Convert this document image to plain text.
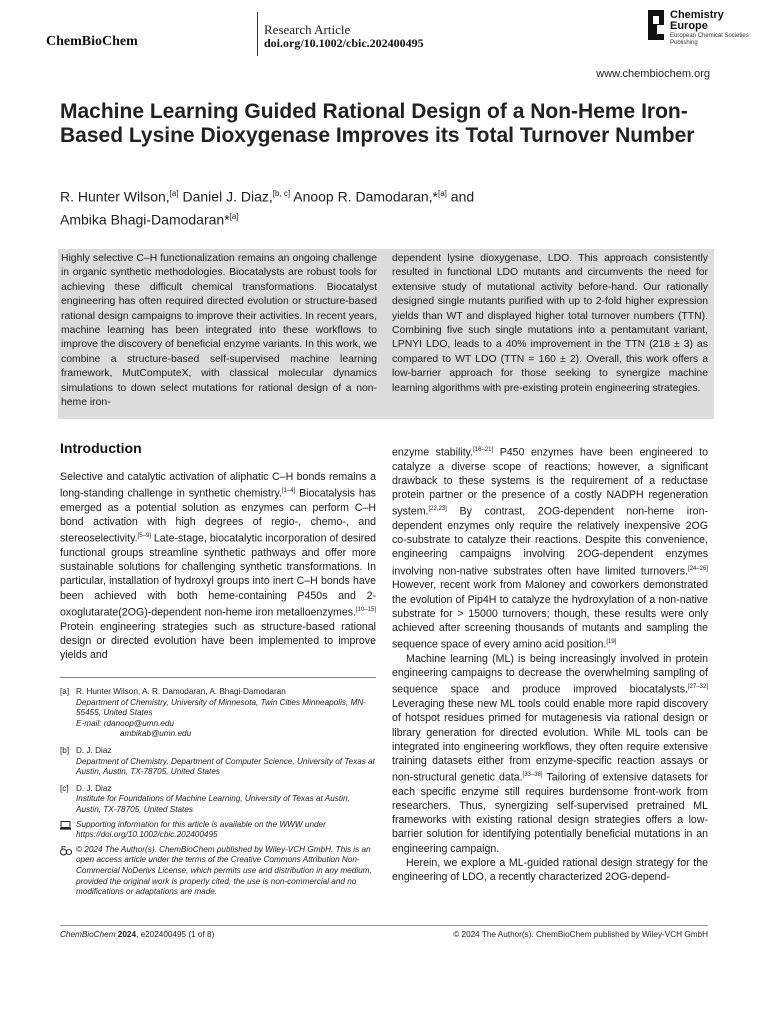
ChemBioChem
Research Article
doi.org/10.1002/cbic.202400495
Chemistry
Europe
European Chemical Societies Publishing
www.chembiochem.org
Machine Learning Guided Rational Design of a Non-Heme Iron-Based Lysine Dioxygenase Improves its Total Turnover Number
R. Hunter Wilson,[a] Daniel J. Diaz,[b, c] Anoop R. Damodaran,*[a] and
Ambika Bhagi-Damodaran*[a]
Highly selective C–H functionalization remains an ongoing challenge in organic synthetic methodologies. Biocatalysts are robust tools for achieving these difficult chemical transformations. Biocatalyst engineering has often required directed evolution or structure-based rational design campaigns to improve their activities. In recent years, machine learning has been integrated into these workflows to improve the discovery of beneficial enzyme variants. In this work, we combine a structure-based self-supervised machine learning framework, MutComputeX, with classical molecular dynamics simulations to down select mutations for rational design of a non-heme iron-
dependent lysine dioxygenase, LDO. This approach consistently resulted in functional LDO mutants and circumvents the need for extensive study of mutational activity before-hand. Our rationally designed single mutants purified with up to 2-fold higher expression yields than WT and displayed higher total turnover numbers (TTN). Combining five such single mutations into a pentamutant variant, LPNYI LDO, leads to a 40% improvement in the TTN (218 ± 3) as compared to WT LDO (TTN = 160 ± 2). Overall, this work offers a low-barrier approach for those seeking to synergize machine learning algorithms with pre-existing protein engineering strategies.
Introduction

Selective and catalytic activation of aliphatic C–H bonds remains a long-standing challenge in synthetic chemistry.[1–4] Biocatalysis has emerged as a potential solution as enzymes can perform C–H bond activation with high degrees of regio-, chemo-, and stereoselectivity.[5–9] Late-stage, biocatalytic incorporation of desired functional groups streamline synthetic pathways and offer more sustainable solutions for challenging synthetic transformations. In particular, installation of hydroxyl groups into inert C–H bonds have been achieved with both heme-containing P450s and 2-oxoglutarate(2OG)-dependent non-heme iron metalloenzymes.[10–15] Protein engineering strategies such as structure-based rational design or directed evolution have been implemented to improve yields and

[a] R. Hunter Wilson, A. R. Damodaran, A. Bhagi-Damodaran
Department of Chemistry, University of Minnesota, Twin Cities Minneapolis, MN-55455, United States
E-mail: rdanoop@umn.edu
ambikab@umn.edu
[b] D. J. Diaz
Department of Chemistry, Department of Computer Science, University of Texas at Austin, Austin, TX-78705, United States
[c] D. J. Diaz
Institute for Foundations of Machine Learning, University of Texas at Austin, Austin, TX-78705, United States
Supporting information for this article is available on the WWW under https://doi.org/10.1002/cbic.202400495
© 2024 The Author(s). ChemBioChem published by Wiley-VCH GmbH. This is an open access article under the terms of the Creative Commons Attribution Non-Commercial NoDerivs License, which permits use and distribution in any medium, provided the original work is properly cited, the use is non-commercial and no modifications or adaptations are made.

enzyme stability.[16–21] P450 enzymes have been engineered to catalyze a diverse scope of reactions; however, a significant drawback to these systems is the requirement of a reductase protein partner or the presence of a costly NADPH regeneration system.[22,23] By contrast, 2OG-dependent non-heme iron-dependent enzymes only require the relatively inexpensive 2OG co-substrate to catalyze their reactions. Despite this convenience, engineering campaigns involving 2OG-dependent enzymes involving non-native substrates often have limited turnovers.[24–26] However, recent work from Maloney and coworkers demonstrated the evolution of Pip4H to catalyze the hydroxylation of a non-native substrate for > 15000 turnovers; though, these results were only achieved after screening thousands of mutants and sampling the sequence space of every amino acid position.[19]

Machine learning (ML) is being increasingly involved in protein engineering campaigns to decrease the overwhelming sampling of sequence space and produce improved biocatalysts.[27–32] Leveraging these new ML tools could enable more rapid discovery of hotspot residues primed for mutagenesis via rational design or library generation for directed evolution. While ML tools can be integrated into engineering workflows, they often require extensive training datasets either from enzyme-specific reaction assays or non-structural genetic data.[33–38] Tailoring of extensive datasets for each specific enzyme still requires burdensome front-work from researchers. Thus, synergizing self-supervised pretrained ML frameworks with existing rational design strategies offers a low-barrier solution for identifying potentially beneficial mutations in an engineering campaign.

Herein, we explore a ML-guided rational design strategy for the engineering of LDO, a recently characterized 2OG-depend-

ChemBioChem 2024, e202400495 (1 of 8)	© 2024 The Author(s). ChemBioChem published by Wiley-VCH GmbH
